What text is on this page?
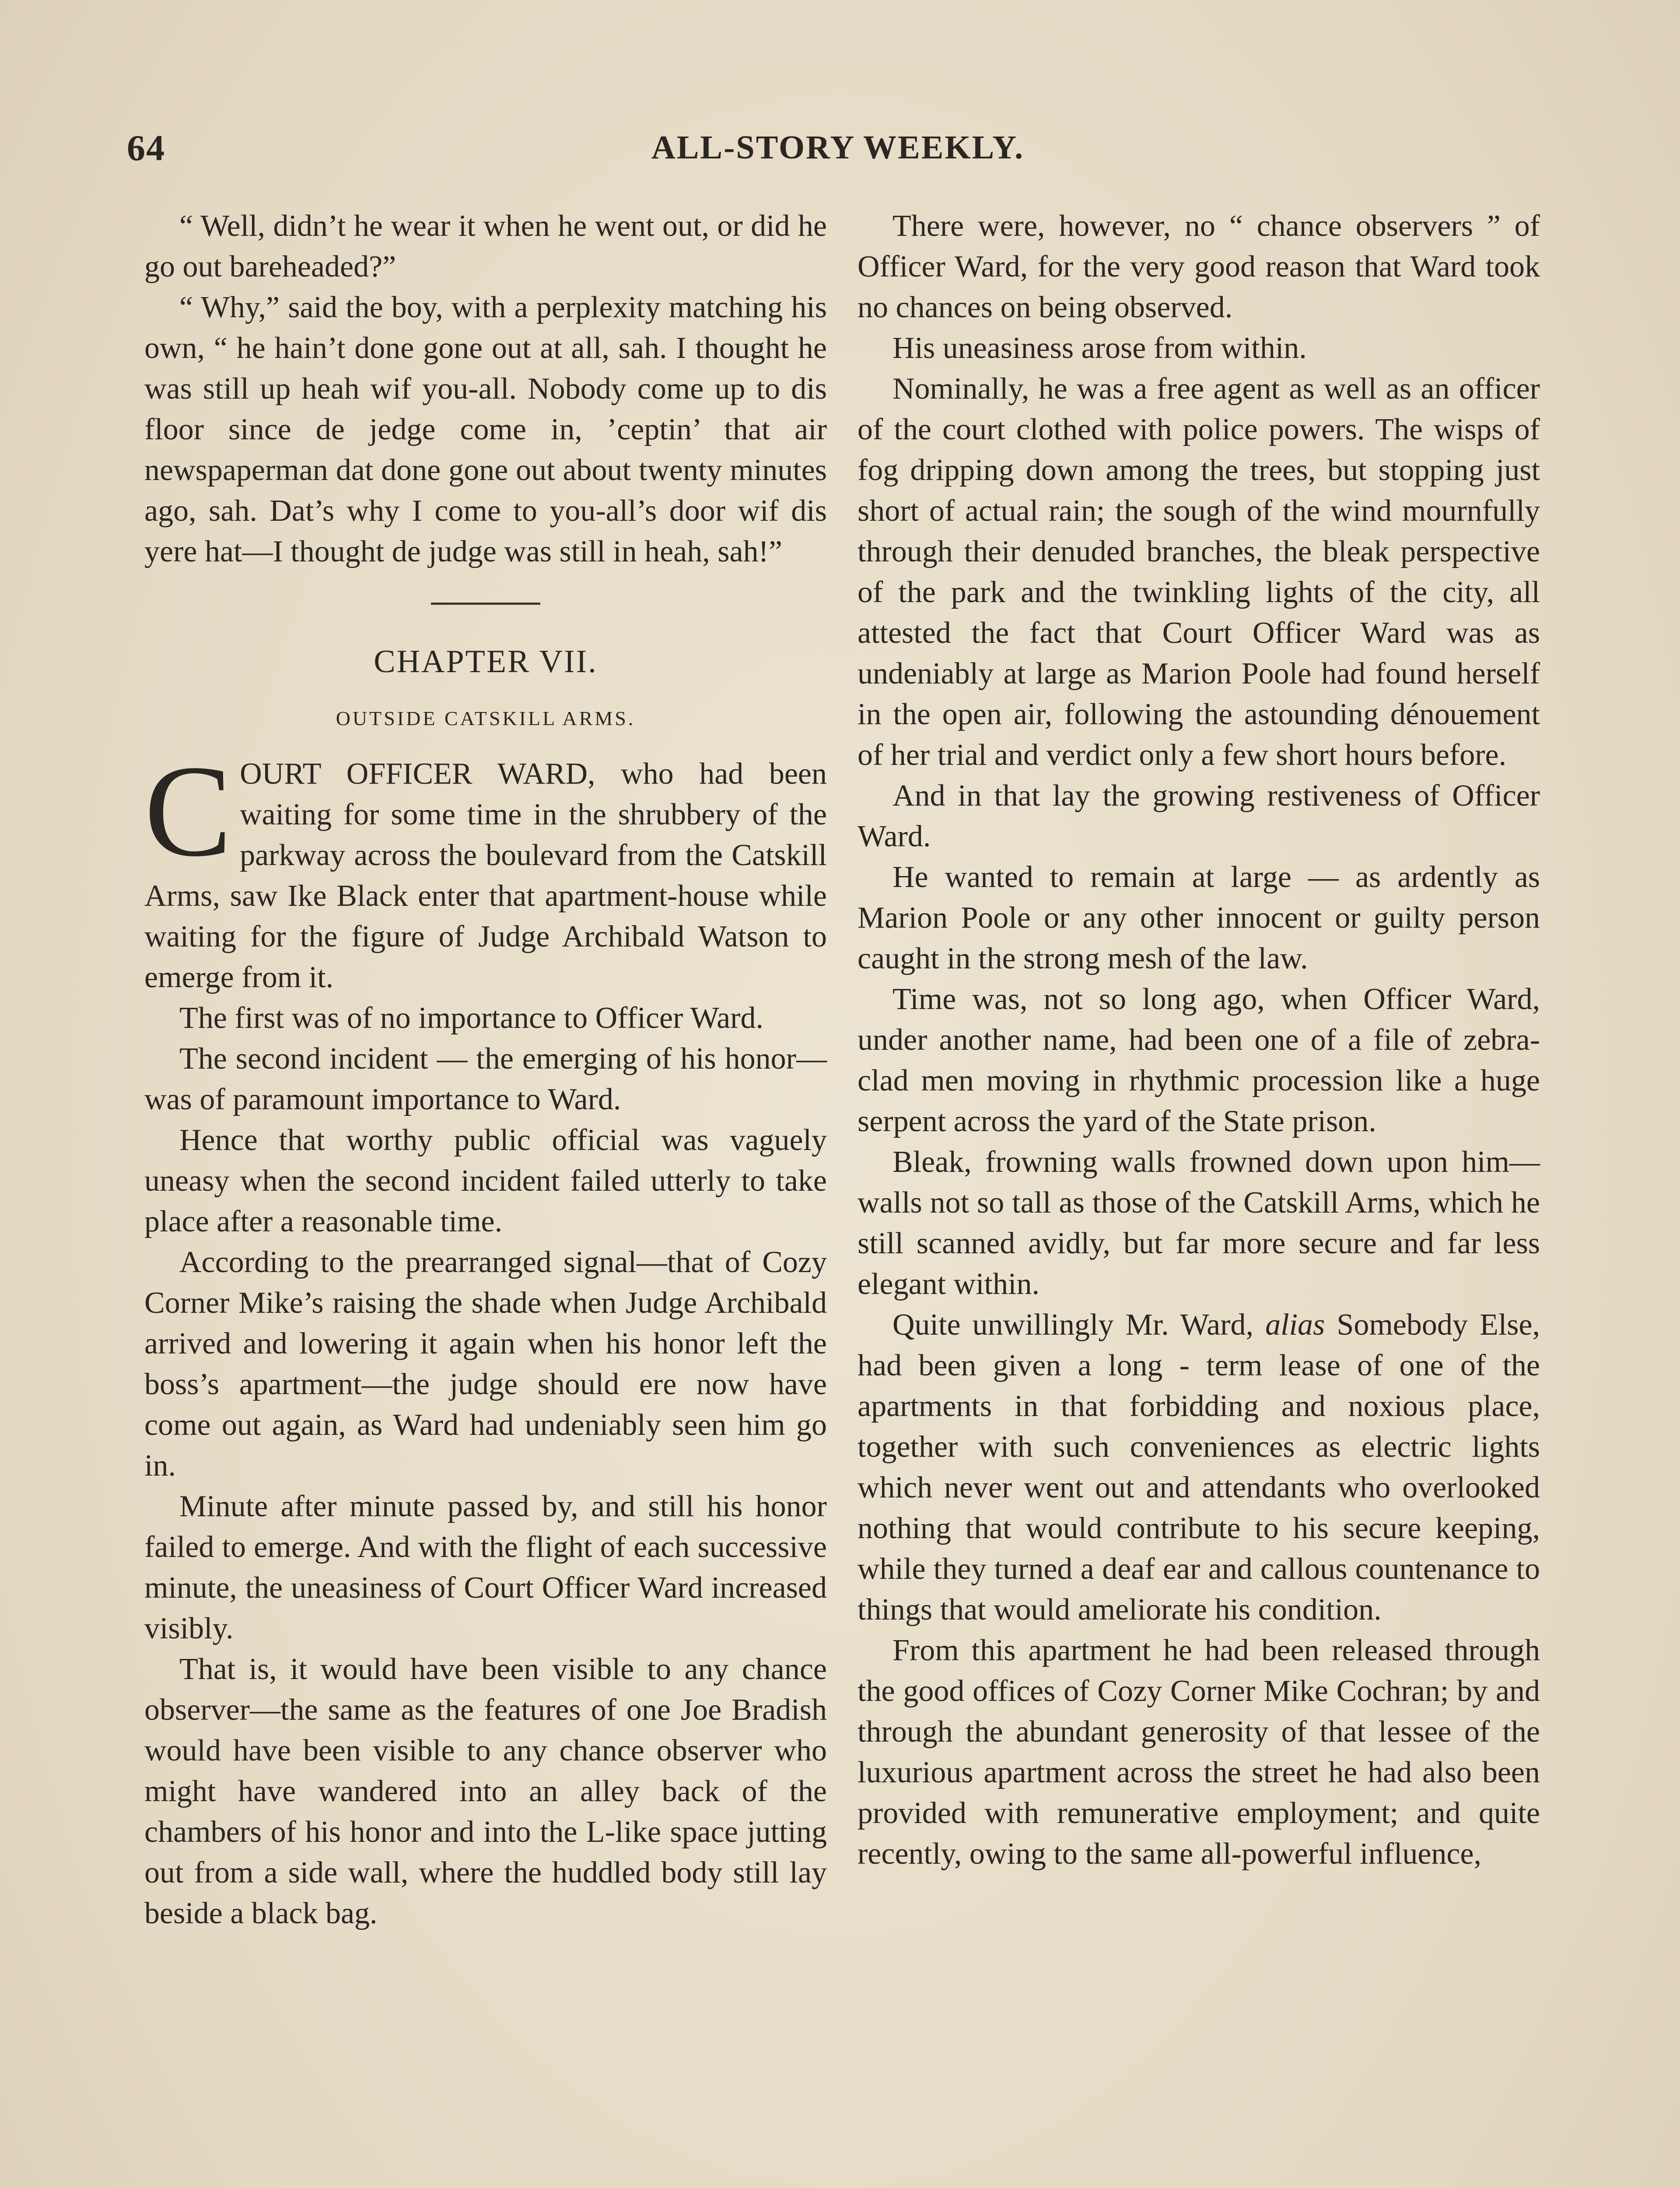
64	ALL-STORY WEEKLY.

“ Well, didn’t he wear it when he went out, or did he go out bareheaded?”

“ Why,” said the boy, with a perplexity matching his own, “ he hain’t done gone out at all, sah. I thought he was still up heah wif you-all. Nobody come up to dis floor since de jedge come in, ’ceptin’ that air newspaperman dat done gone out about twenty minutes ago, sah. Dat’s why I come to you-all’s door wif dis yere hat—I thought de judge was still in heah, sah!”

CHAPTER VII.
OUTSIDE CATSKILL ARMS.

COURT OFFICER WARD, who had been waiting for some time in the shrubbery of the parkway across the boulevard from the Catskill Arms, saw Ike Black enter that apartment-house while waiting for the figure of Judge Archibald Watson to emerge from it.

The first was of no importance to Officer Ward.

The second incident — the emerging of his honor—was of paramount importance to Ward.

Hence that worthy public official was vaguely uneasy when the second incident failed utterly to take place after a reasonable time.

According to the prearranged signal—that of Cozy Corner Mike’s raising the shade when Judge Archibald arrived and lowering it again when his honor left the boss’s apartment—the judge should ere now have come out again, as Ward had undeniably seen him go in.

Minute after minute passed by, and still his honor failed to emerge. And with the flight of each successive minute, the uneasiness of Court Officer Ward increased visibly.

That is, it would have been visible to any chance observer—the same as the features of one Joe Bradish would have been visible to any chance observer who might have wandered into an alley back of the chambers of his honor and into the L-like space jutting out from a side wall, where the huddled body still lay beside a black bag.

There were, however, no “ chance observers ” of Officer Ward, for the very good reason that Ward took no chances on being observed.

His uneasiness arose from within.

Nominally, he was a free agent as well as an officer of the court clothed with police powers. The wisps of fog dripping down among the trees, but stopping just short of actual rain; the sough of the wind mournfully through their denuded branches, the bleak perspective of the park and the twinkling lights of the city, all attested the fact that Court Officer Ward was as undeniably at large as Marion Poole had found herself in the open air, following the astounding dénouement of her trial and verdict only a few short hours before.

And in that lay the growing restiveness of Officer Ward.

He wanted to remain at large — as ardently as Marion Poole or any other innocent or guilty person caught in the strong mesh of the law.

Time was, not so long ago, when Officer Ward, under another name, had been one of a file of zebra-clad men moving in rhythmic procession like a huge serpent across the yard of the State prison.

Bleak, frowning walls frowned down upon him—walls not so tall as those of the Catskill Arms, which he still scanned avidly, but far more secure and far less elegant within.

Quite unwillingly Mr. Ward, alias Somebody Else, had been given a long - term lease of one of the apartments in that forbidding and noxious place, together with such conveniences as electric lights which never went out and attendants who overlooked nothing that would contribute to his secure keeping, while they turned a deaf ear and callous countenance to things that would ameliorate his condition.

From this apartment he had been released through the good offices of Cozy Corner Mike Cochran; by and through the abundant generosity of that lessee of the luxurious apartment across the street he had also been provided with remunerative employment; and quite recently, owing to the same all-powerful influence,
